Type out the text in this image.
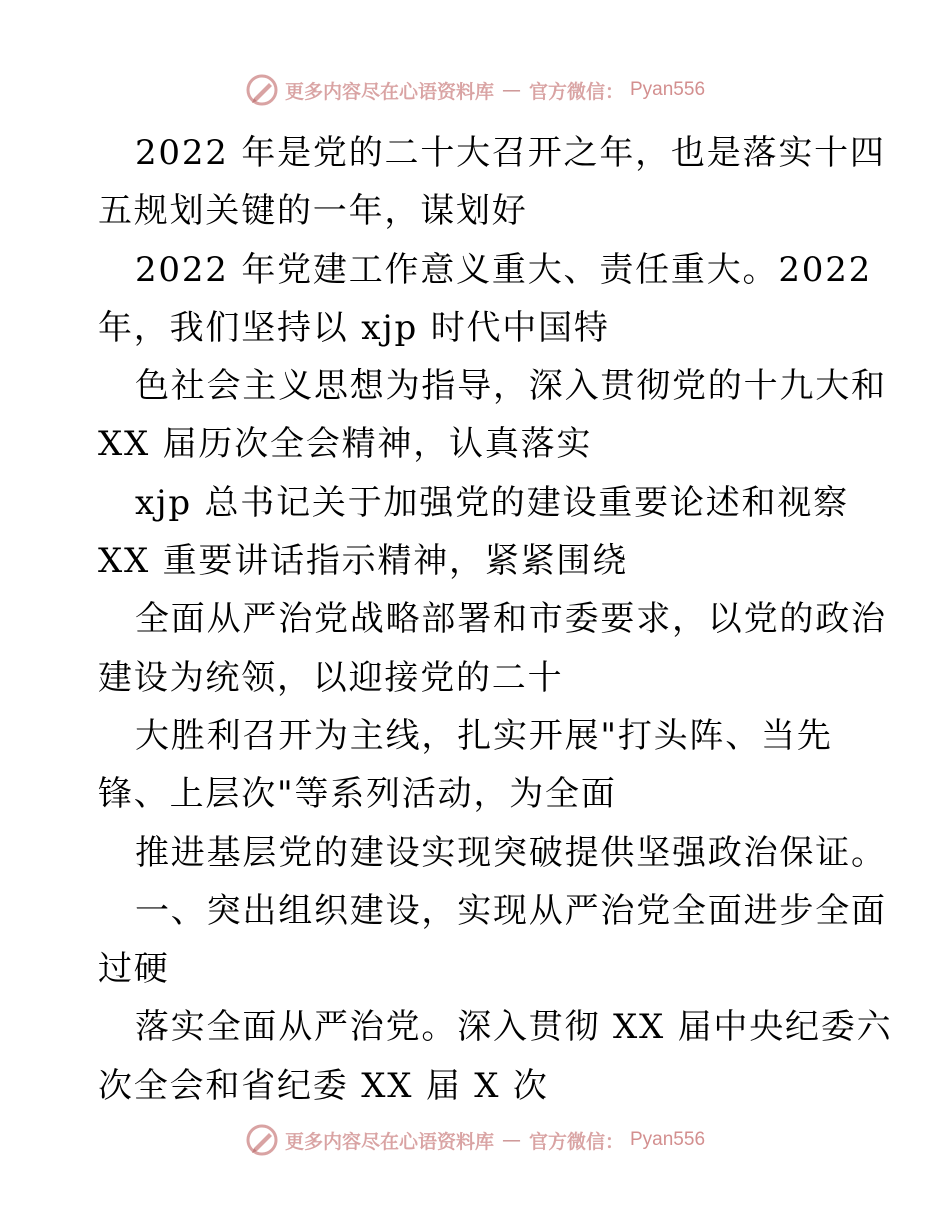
更多内容尽在心语资料库 — 官方微信： Pyan556
2022 年是党的二十大召开之年，也是落实十四
五规划关键的一年，谋划好
2022 年党建工作意义重大、责任重大。2022
年，我们坚持以 xjp 时代中国特
色社会主义思想为指导，深入贯彻党的十九大和
XX 届历次全会精神，认真落实
xjp 总书记关于加强党的建设重要论述和视察
XX 重要讲话指示精神，紧紧围绕
全面从严治党战略部署和市委要求，以党的政治
建设为统领，以迎接党的二十
大胜利召开为主线，扎实开展"打头阵、当先
锋、上层次"等系列活动，为全面
推进基层党的建设实现突破提供坚强政治保证。
一、突出组织建设，实现从严治党全面进步全面
过硬
落实全面从严治党。深入贯彻 XX 届中央纪委六
次全会和省纪委 XX 届 X 次
更多内容尽在心语资料库 — 官方微信： Pyan556
